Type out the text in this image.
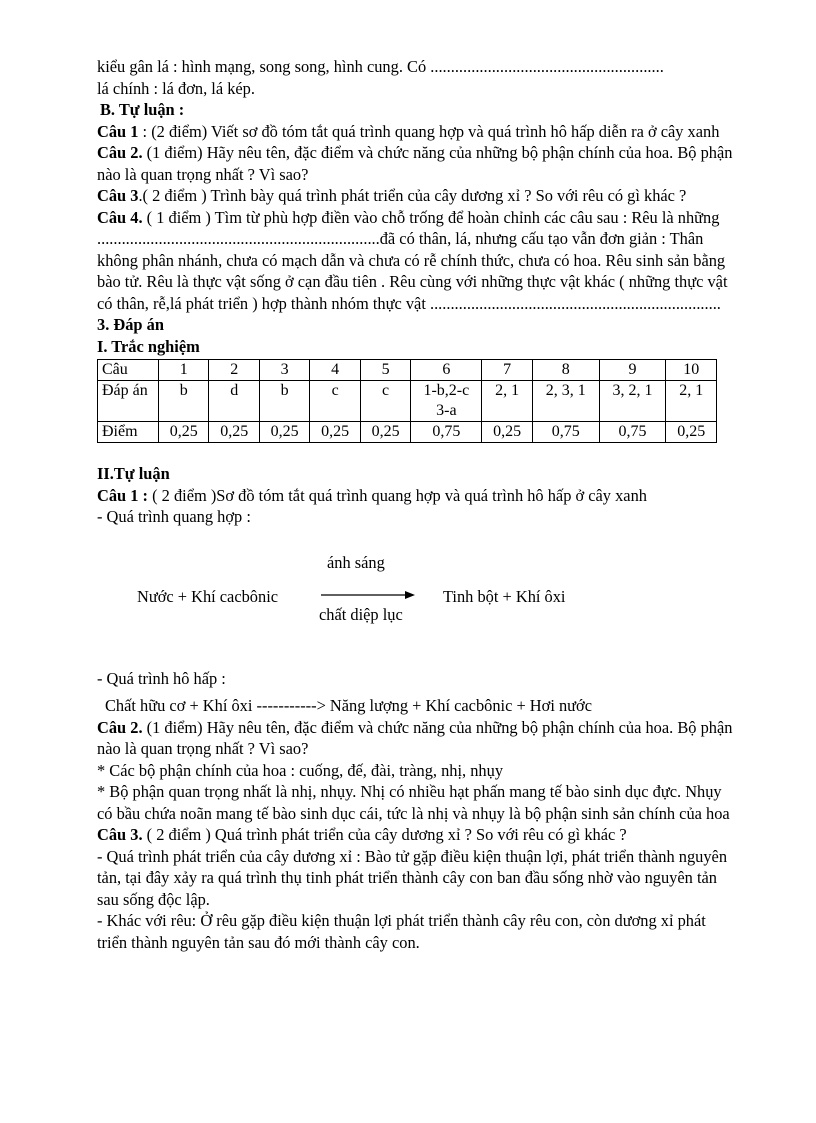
kiểu gân lá : hình mạng, song song, hình cung. Có .........................................................

lá chính : lá đơn, lá kép.

B. Tự luận :

Câu 1 : (2 điểm) Viết sơ đồ tóm tắt quá trình quang hợp và quá trình hô hấp diễn ra ở cây xanh

Câu 2. (1 điểm) Hãy nêu tên, đặc điểm và chức năng của những bộ phận chính của hoa. Bộ phận nào là quan trọng nhất ? Vì sao?

Câu 3.( 2 điểm ) Trình bày quá trình phát triển của cây dương xỉ ? So với rêu có gì khác ?

Câu 4. ( 1 điểm ) Tìm từ phù hợp điền vào chỗ trống để hoàn chỉnh các câu sau : Rêu là những .....................................................................đã có thân, lá, nhưng cấu tạo vẫn đơn giản : Thân không phân nhánh, chưa có mạch dẫn và chưa có rễ chính thức, chưa có hoa. Rêu sinh sản bằng bào tử. Rêu là thực vật sống ở cạn đầu tiên . Rêu cùng với những thực vật khác ( những thực vật có thân, rễ,lá phát triển ) hợp thành nhóm thực vật .......................................................................

3. Đáp án

I. Trắc nghiệm

Câu	1	2	3	4	5	6	7	8	9	10
Đáp án	b	d	b	c	c	1-b,2-c 3-a	2, 1	2, 3, 1	3, 2, 1	2, 1
Điểm	0,25	0,25	0,25	0,25	0,25	0,75	0,25	0,75	0,75	0,25

II.Tự luận

Câu 1 : ( 2 điểm )Sơ đồ tóm tắt quá trình quang hợp và quá trình hô hấp ở cây xanh

- Quá trình quang hợp :

Nước + Khí cacbônic
ánh sáng
chất diệp lục
Tinh bột + Khí ôxi

- Quá trình hô hấp :

Chất hữu cơ + Khí ôxi -----------> Năng lượng + Khí cacbônic + Hơi nước

Câu 2. (1 điểm) Hãy nêu tên, đặc điểm và chức năng của những bộ phận chính của hoa. Bộ phận nào là quan trọng nhất ? Vì sao?

* Các bộ phận chính của hoa : cuống, đế, đài, tràng, nhị, nhụy

* Bộ phận quan trọng nhất là nhị, nhụy. Nhị có nhiều hạt phấn mang tế bào sinh dục đực. Nhụy có bầu chứa noãn mang tế bào sinh dục cái, tức là nhị và nhụy là bộ phận sinh sản chính của hoa

Câu 3. ( 2 điểm ) Quá trình phát triển của cây dương xỉ ? So với rêu có gì khác ?

- Quá trình phát triển của cây dương xỉ : Bào tử gặp điều kiện thuận lợi, phát triển thành nguyên tản, tại đây xảy ra quá trình thụ tinh phát triển thành cây con ban đầu sống nhờ vào nguyên tản sau sống độc lập.

- Khác với rêu: Ở rêu gặp điều kiện thuận lợi phát triển thành cây rêu con, còn dương xỉ phát triển thành nguyên tản sau đó mới thành cây con.
